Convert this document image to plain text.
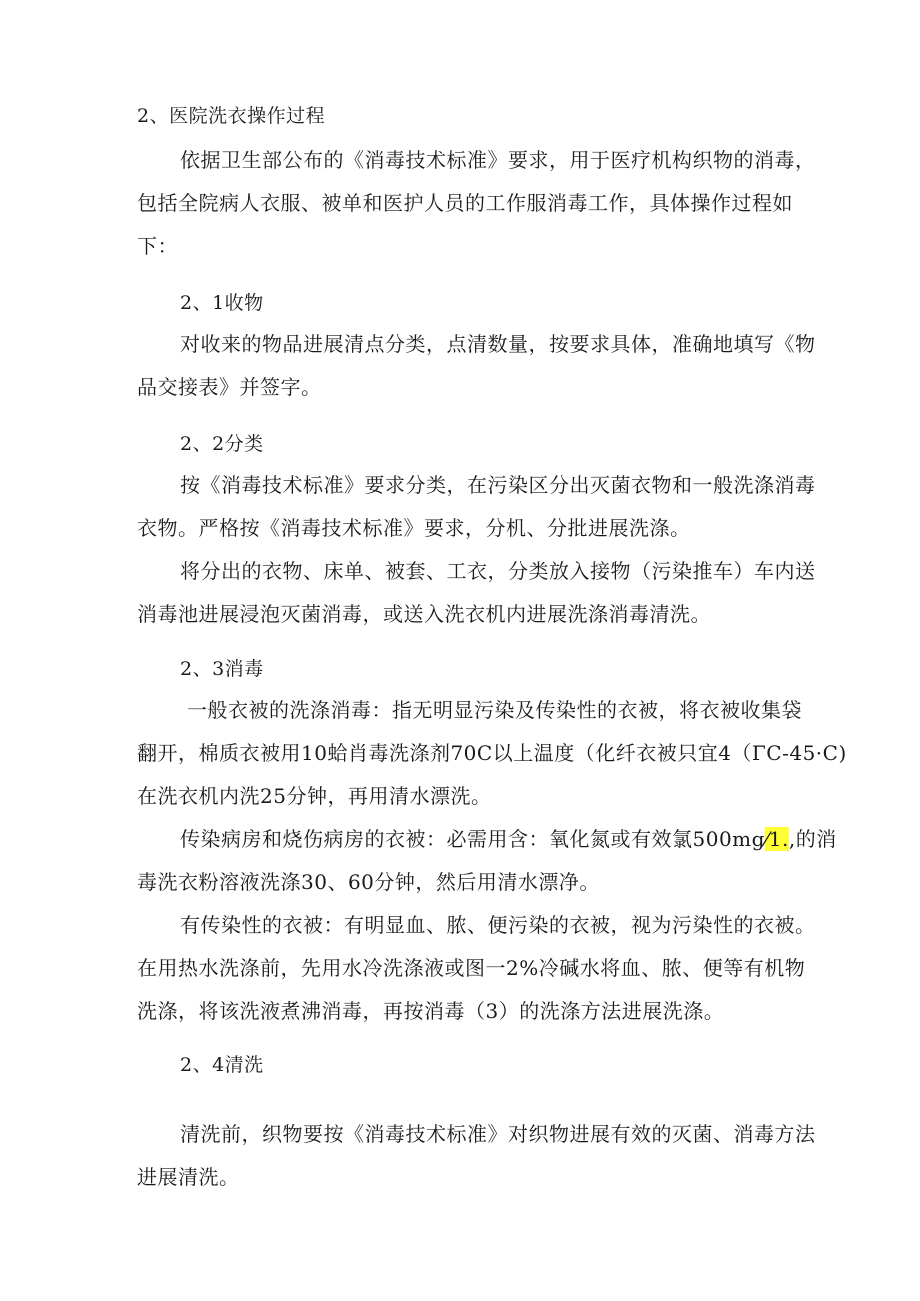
2、医院洗衣操作过程
依据卫生部公布的《消毒技术标准》要求，用于医疗机构织物的消毒，
包括全院病人衣服、被单和医护人员的工作服消毒工作，具体操作过程如
下：
2、1收物
对收来的物品进展清点分类，点清数量，按要求具体，准确地填写《物
品交接表》并签字。
2、2分类
按《消毒技术标准》要求分类，在污染区分出灭菌衣物和一般洗涤消毒
衣物。严格按《消毒技术标准》要求，分机、分批进展洗涤。
将分出的衣物、床单、被套、工衣，分类放入接物（污染推车）车内送
消毒池进展浸泡灭菌消毒，或送入洗衣机内进展洗涤消毒清洗。
2、3消毒
一般衣被的洗涤消毒：指无明显污染及传染性的衣被，将衣被收集袋
翻开，棉质衣被用10蛤肖毒洗涤剂70C以上温度（化纤衣被只宜4（ΓC-45·C)
在洗衣机内洗25分钟，再用清水漂洗。
传染病房和烧伤病房的衣被：必需用含：氧化氮或有效氯500mg⁄1.,的消
毒洗衣粉溶液洗涤30、60分钟，然后用清水漂净。
有传染性的衣被：有明显血、脓、便污染的衣被，视为污染性的衣被。
在用热水洗涤前，先用水冷洗涤液或图一2%冷碱水将血、脓、便等有机物
洗涤，将该洗液煮沸消毒，再按消毒（3）的洗涤方法进展洗涤。
2、4清洗
清洗前，织物要按《消毒技术标准》对织物进展有效的灭菌、消毒方法
进展清洗。
